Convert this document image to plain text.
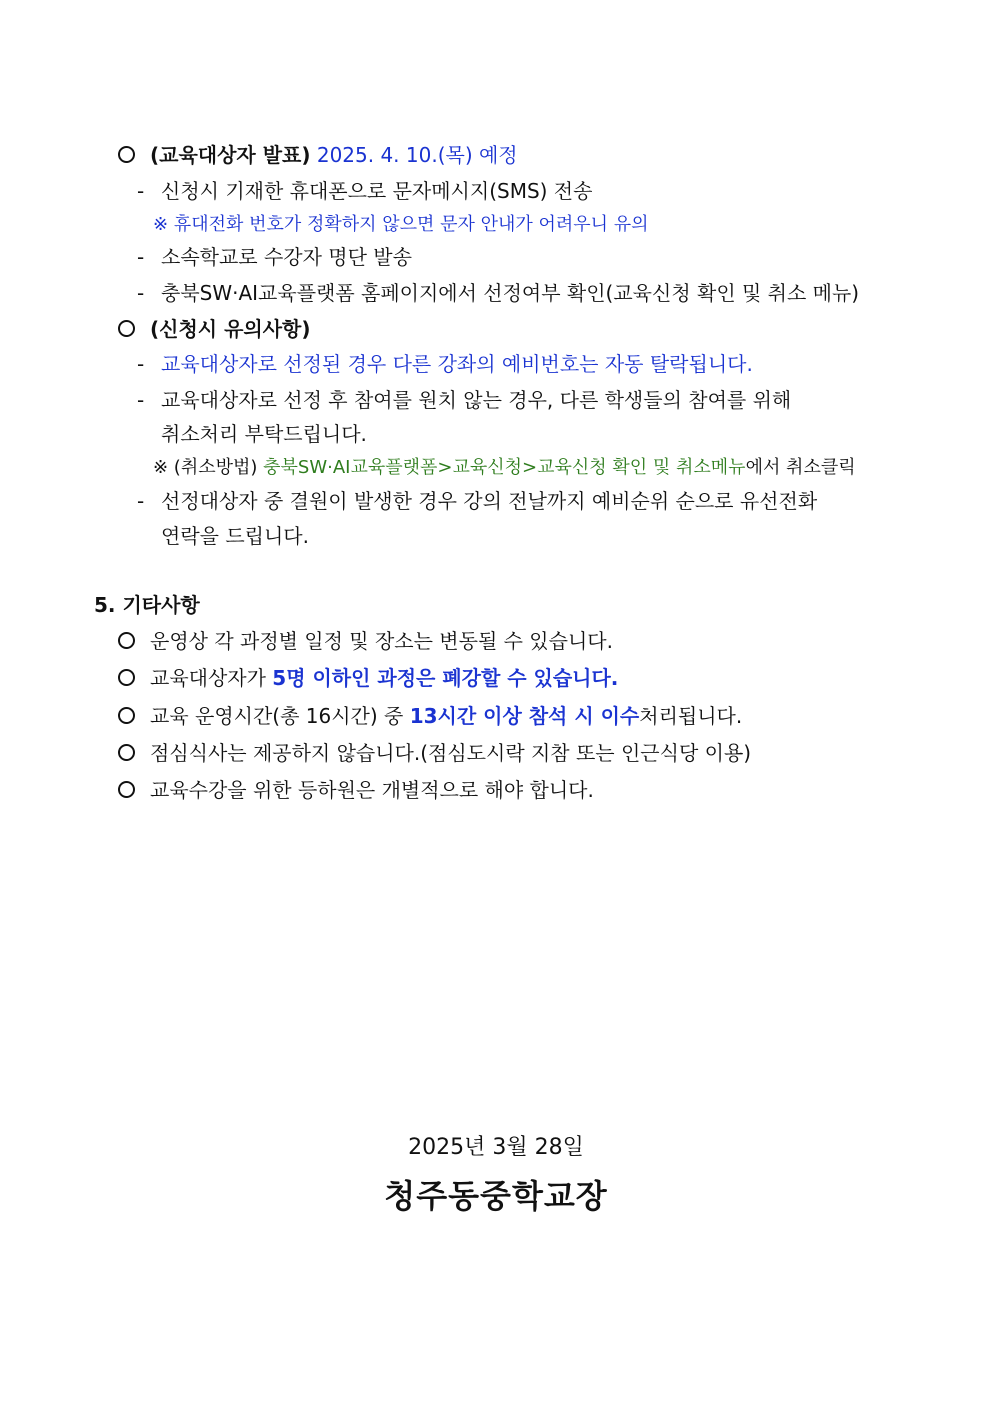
(교육대상자 발표) 2025. 4. 10.(목) 예정
- 신청시 기재한 휴대폰으로 문자메시지(SMS) 전송
※ 휴대전화 번호가 정확하지 않으면 문자 안내가 어려우니 유의
- 소속학교로 수강자 명단 발송
- 충북SW·AI교육플랫폼 홈페이지에서 선정여부 확인(교육신청 확인 및 취소 메뉴)
(신청시 유의사항)
- 교육대상자로 선정된 경우 다른 강좌의 예비번호는 자동 탈락됩니다.
- 교육대상자로 선정 후 참여를 원치 않는 경우, 다른 학생들의 참여를 위해
취소처리 부탁드립니다.
※ (취소방법) 충북SW·AI교육플랫폼>교육신청>교육신청 확인 및 취소메뉴에서 취소클릭
- 선정대상자 중 결원이 발생한 경우 강의 전날까지 예비순위 순으로 유선전화
연락을 드립니다.
5. 기타사항
운영상 각 과정별 일정 및 장소는 변동될 수 있습니다.
교육대상자가 5명 이하인 과정은 폐강할 수 있습니다.
교육 운영시간(총 16시간) 중 13시간 이상 참석 시 이수처리됩니다.
점심식사는 제공하지 않습니다.(점심도시락 지참 또는 인근식당 이용)
교육수강을 위한 등하원은 개별적으로 해야 합니다.
2025년 3월 28일
청주동중학교장
